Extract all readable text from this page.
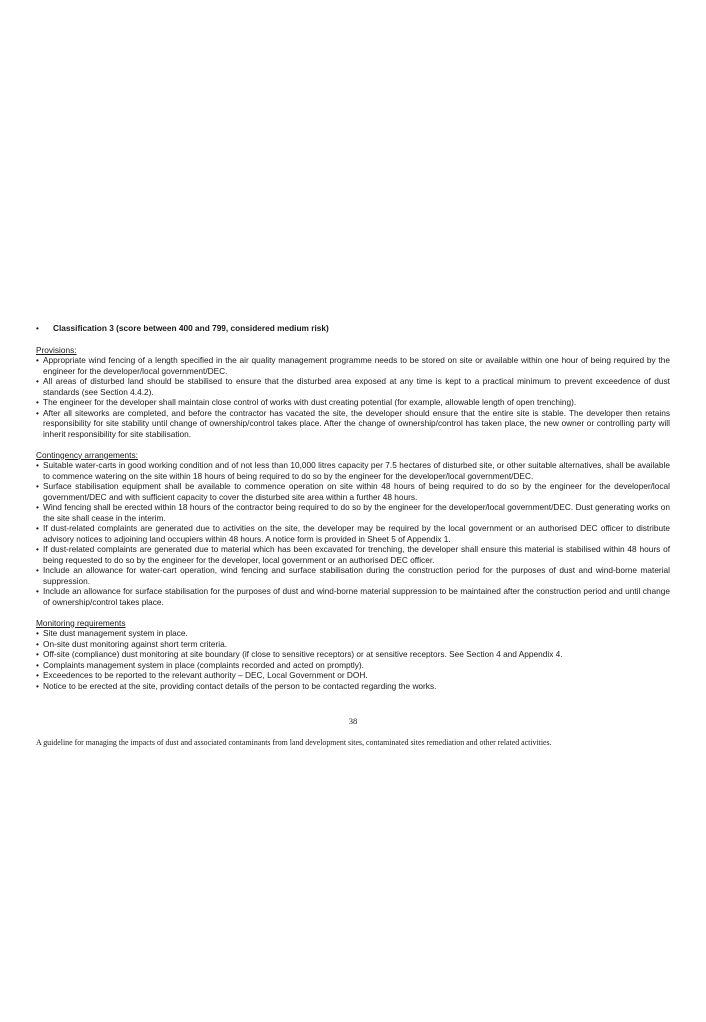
• Classification 3 (score between 400 and 799, considered medium risk)
Provisions:
• Appropriate wind fencing of a length specified in the air quality management programme needs to be stored on site or available within one hour of being required by the engineer for the developer/local government/DEC.
• All areas of disturbed land should be stabilised to ensure that the disturbed area exposed at any time is kept to a practical minimum to prevent exceedence of dust standards (see Section 4.4.2).
• The engineer for the developer shall maintain close control of works with dust creating potential (for example, allowable length of open trenching).
• After all siteworks are completed, and before the contractor has vacated the site, the developer should ensure that the entire site is stable. The developer then retains responsibility for site stability until change of ownership/control takes place. After the change of ownership/control has taken place, the new owner or controlling party will inherit responsibility for site stabilisation.
Contingency arrangements:
• Suitable water-carts in good working condition and of not less than 10,000 litres capacity per 7.5 hectares of disturbed site, or other suitable alternatives, shall be available to commence watering on the site within 18 hours of being required to do so by the engineer for the developer/local government/DEC.
• Surface stabilisation equipment shall be available to commence operation on site within 48 hours of being required to do so by the engineer for the developer/local government/DEC and with sufficient capacity to cover the disturbed site area within a further 48 hours.
• Wind fencing shall be erected within 18 hours of the contractor being required to do so by the engineer for the developer/local government/DEC. Dust generating works on the site shall cease in the interim.
• If dust-related complaints are generated due to activities on the site, the developer may be required by the local government or an authorised DEC officer to distribute advisory notices to adjoining land occupiers within 48 hours. A notice form is provided in Sheet 5 of Appendix 1.
• If dust-related complaints are generated due to material which has been excavated for trenching, the developer shall ensure this material is stabilised within 48 hours of being requested to do so by the engineer for the developer, local government or an authorised DEC officer.
• Include an allowance for water-cart operation, wind fencing and surface stabilisation during the construction period for the purposes of dust and wind-borne material suppression.
• Include an allowance for surface stabilisation for the purposes of dust and wind-borne material suppression to be maintained after the construction period and until change of ownership/control takes place.
Monitoring requirements
• Site dust management system in place.
• On-site dust monitoring against short term criteria.
• Off-site (compliance) dust monitoring at site boundary (if close to sensitive receptors) or at sensitive receptors. See Section 4 and Appendix 4.
• Complaints management system in place (complaints recorded and acted on promptly).
• Exceedences to be reported to the relevant authority – DEC, Local Government or DOH.
• Notice to be erected at the site, providing contact details of the person to be contacted regarding the works.
38
A guideline for managing the impacts of dust and associated contaminants from land development sites, contaminated sites remediation and other related activities.
